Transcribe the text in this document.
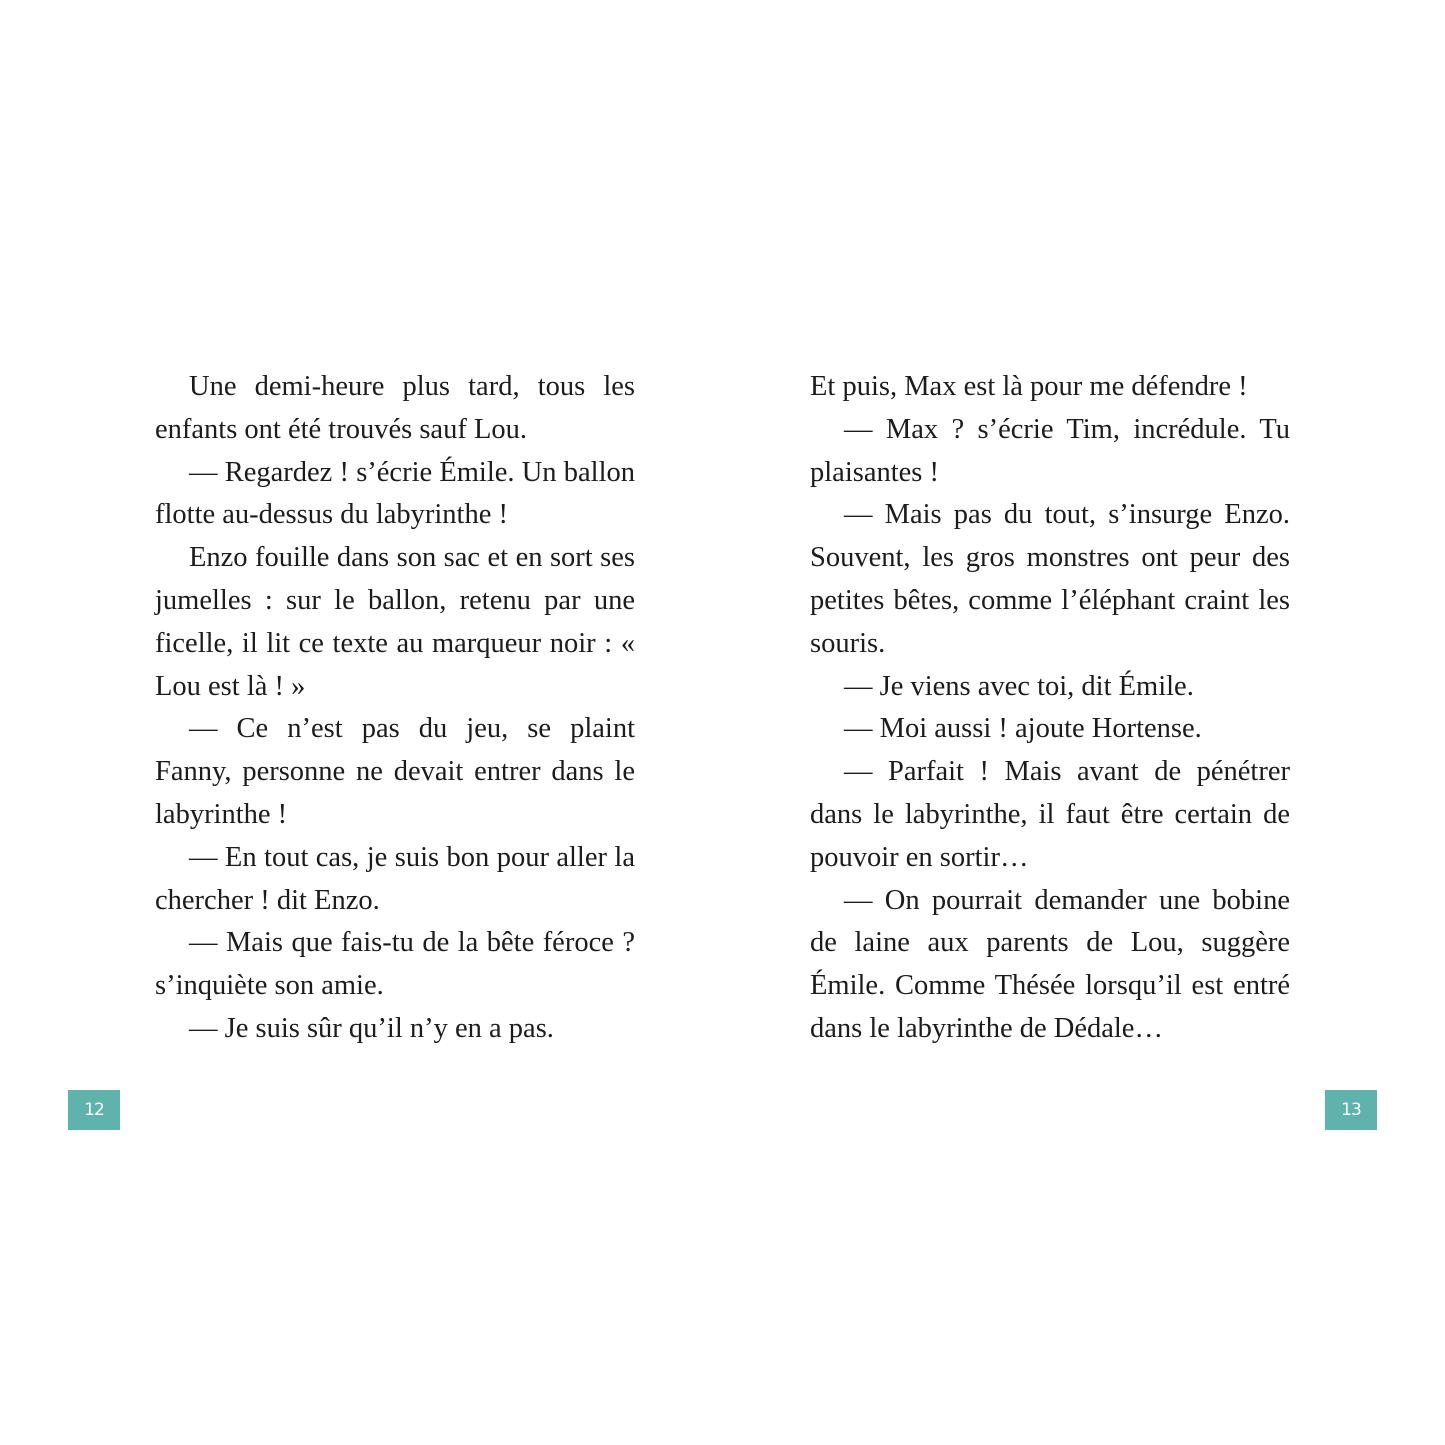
Une demi-heure plus tard, tous les enfants ont été trouvés sauf Lou.

— Regardez ! s’écrie Émile. Un ballon flotte au-dessus du labyrinthe !

Enzo fouille dans son sac et en sort ses jumelles : sur le ballon, retenu par une ficelle, il lit ce texte au marqueur noir : « Lou est là ! »

— Ce n’est pas du jeu, se plaint Fanny, personne ne devait entrer dans le labyrinthe !

— En tout cas, je suis bon pour aller la chercher ! dit Enzo.

— Mais que fais-tu de la bête féroce ? s’inquiète son amie.

— Je suis sûr qu’il n’y en a pas.

Et puis, Max est là pour me défendre !

— Max ? s’écrie Tim, incrédule. Tu plaisantes !

— Mais pas du tout, s’insurge Enzo. Souvent, les gros monstres ont peur des petites bêtes, comme l’éléphant craint les souris.

— Je viens avec toi, dit Émile.

— Moi aussi ! ajoute Hortense.

— Parfait ! Mais avant de pénétrer dans le labyrinthe, il faut être certain de pouvoir en sortir…

— On pourrait demander une bobine de laine aux parents de Lou, suggère Émile. Comme Thésée lorsqu’il est entré dans le labyrinthe de Dédale…

12	13
